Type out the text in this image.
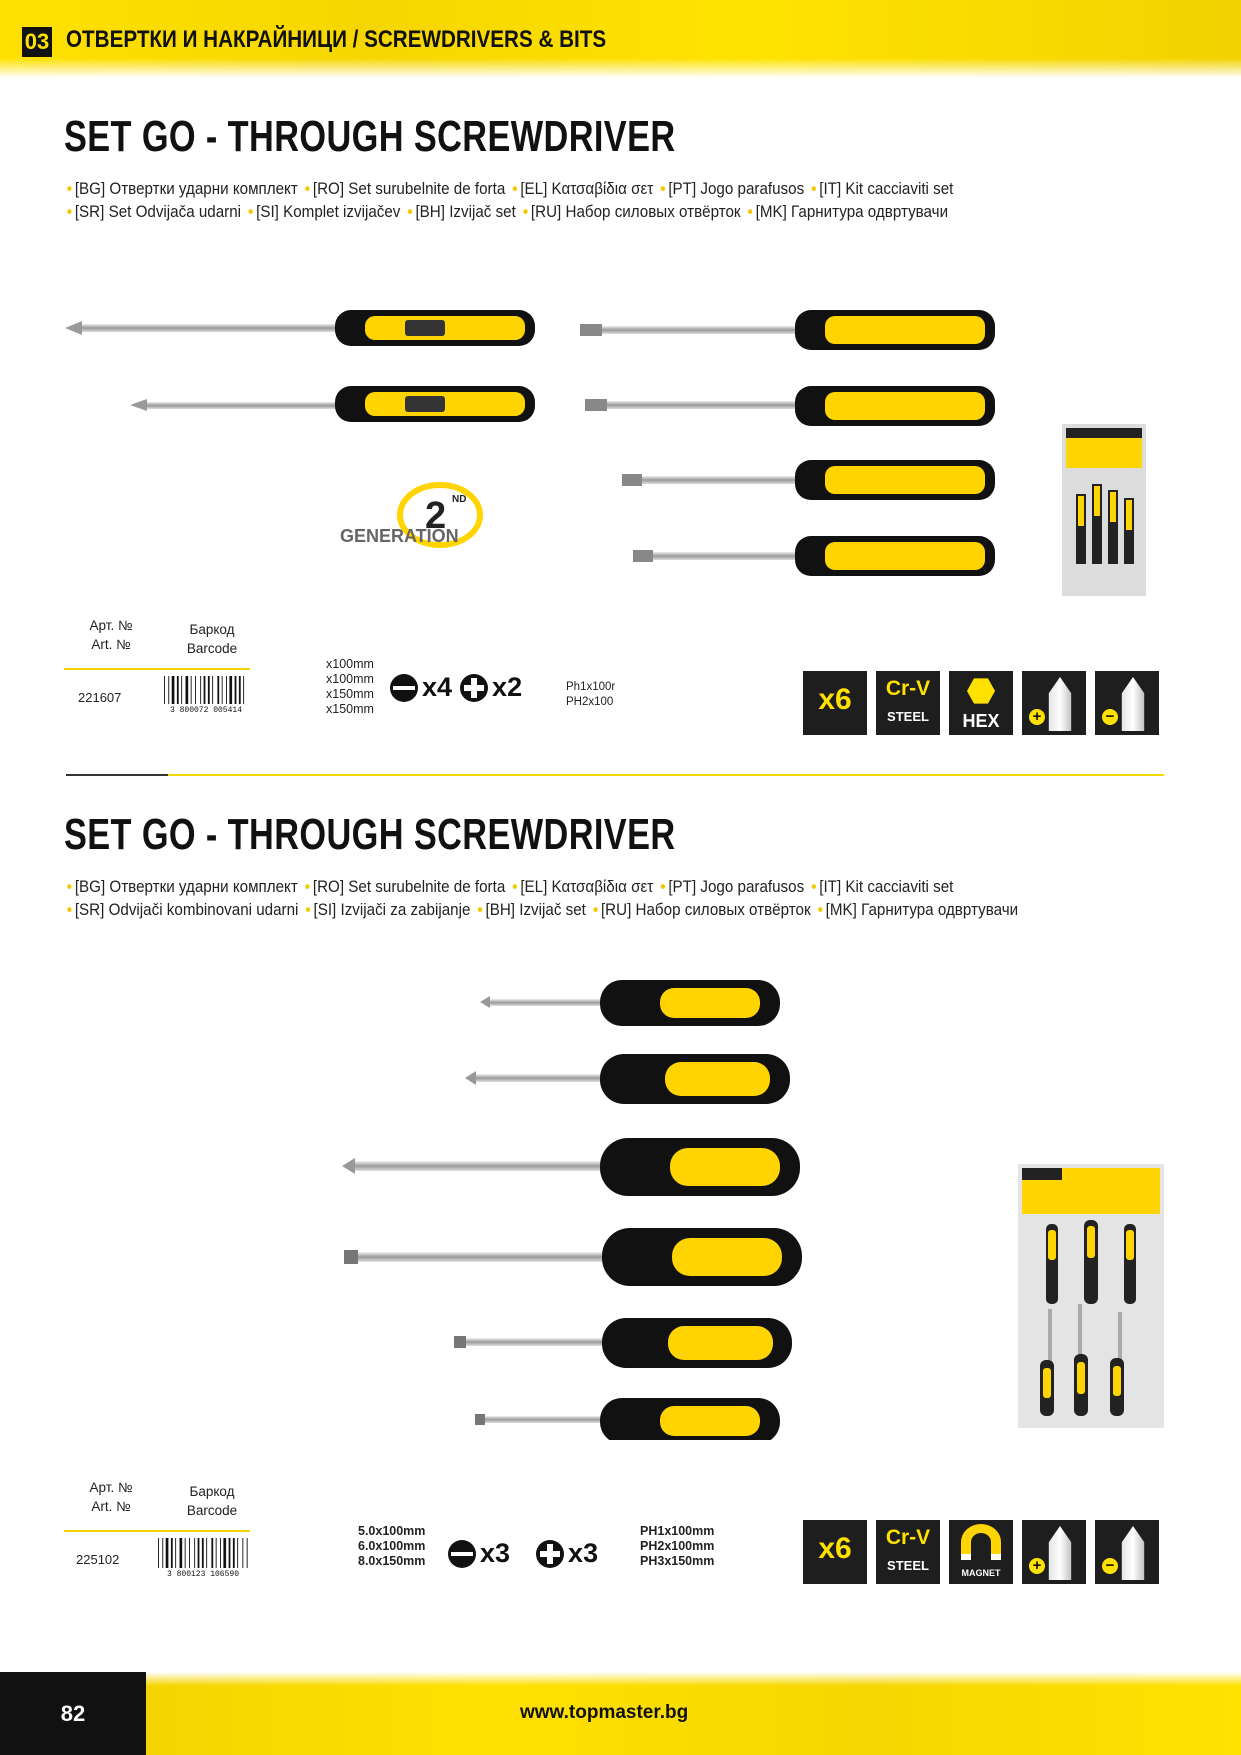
03 ОТВЕРТКИ И НАКРАЙНИЦИ / SCREWDRIVERS & BITS
SET GO - THROUGH SCREWDRIVER
• [BG] Отвертки ударни комплект • [RO] Set surubelnite de forta • [EL] Κατσαβίδια σετ • [PT] Jogo parafusos • [IT] Kit cacciaviti set
• [SR] Set Odvijača udarni • [SI] Komplet izvijačev • [BH] Izvijač set • [RU] Набор силовых отвёрток • [MK] Гарнитура одвртувачи
2 ND
GENERATION
Арт. №
Art. №
Баркод
Barcode
221607
3 800072 005414
x100mm
x100mm
x150mm
x150mm
x4 x2	Ph1x100r
PH2x100	x6	Cr-V
STEEL	HEX	+	−
SET GO - THROUGH SCREWDRIVER
• [BG] Отвертки ударни комплект • [RO] Set surubelnite de forta • [EL] Κατσαβίδια σετ • [PT] Jogo parafusos • [IT] Kit cacciaviti set
• [SR] Odvijači kombinovani udarni • [SI] Izvijači za zabijanje • [BH] Izvijač set • [RU] Набор силовых отвёрток • [MK] Гарнитура одвртувачи
Арт. №
Art. №
Баркод
Barcode
225102
3 800123 106590
5.0x100mm
6.0x100mm
8.0x150mm x3 x3
PH1x100mm
PH2x100mm
PH3x150mm	x6	Cr-V
STEEL	MAGNET	+	−
82	www.topmaster.bg
